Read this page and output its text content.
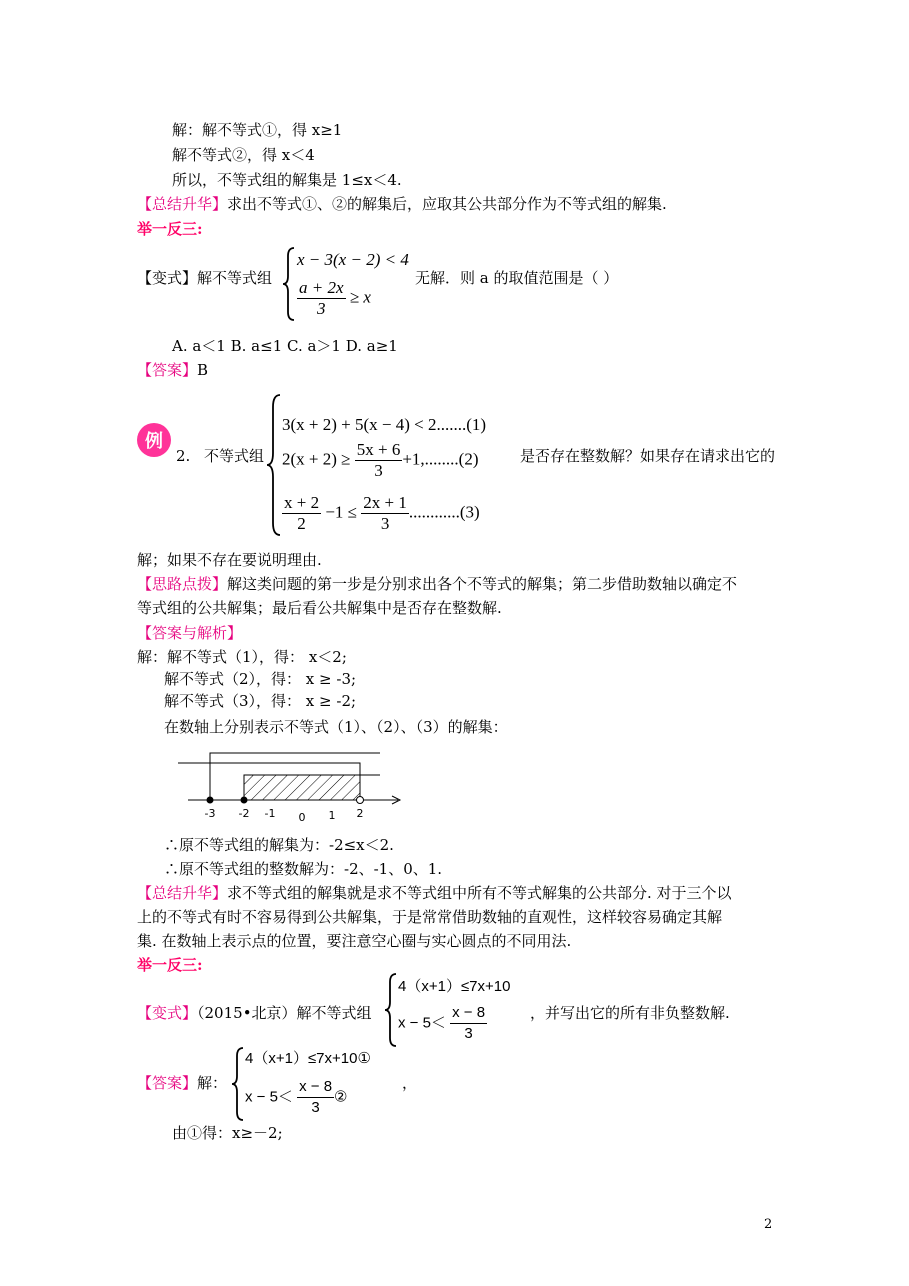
解：解不等式①，得 x≥1
解不等式②，得 x＜4
所以，不等式组的解集是 1≤x＜4.
【总结升华】求出不等式①、②的解集后，应取其公共部分作为不等式组的解集.
举一反三:
【变式】解不等式组
x − 3(x − 2) < 4
$\frac{a + 2x}{3} \ge x$
无解．则 a 的取值范围是（ ）
A. a＜1 B. a≤1 C. a＞1 D. a≥1
【答案】B
例
2. 不等式组
3(x + 2) + 5(x − 4) < 2.......(1)
$2(x + 2) \ge \frac{5x + 6}{3} +1,........(2)$
$\frac{x + 2}{2} -1 \le \frac{2x + 1}{3} ............(3)$
是否存在整数解？如果存在请求出它的
解；如果不存在要说明理由.
【思路点拨】解这类问题的第一步是分别求出各个不等式的解集；第二步借助数轴以确定不
等式组的公共解集；最后看公共解集中是否存在整数解.
【答案与解析】
解：解不等式（1），得： x＜2;
解不等式（2），得： x ≥ -3;
解不等式（3），得： x ≥ -2;
在数轴上分别表示不等式（1）、（2）、（3）的解集：
-3 -2 -1 0 1 2
∴原不等式组的解集为：-2≤x＜2.
∴原不等式组的整数解为：-2、-1、0、1.
【总结升华】求不等式组的解集就是求不等式组中所有不等式解集的公共部分. 对于三个以
上的不等式有时不容易得到公共解集，于是常常借助数轴的直观性，这样较容易确定其解
集. 在数轴上表示点的位置，要注意空心圈与实心圆点的不同用法.
举一反三:
【变式】（2015•北京）解不等式组
4（x+1）≤7x+10
$x - 5< \frac{x - 8}{3}$	，并写出它的所有非负整数解.
【答案】解：
4（x+1）≤7x+10①
$x - 5< \frac{x - 8}{3}$ ②
，
由①得：x≥－2;
2
